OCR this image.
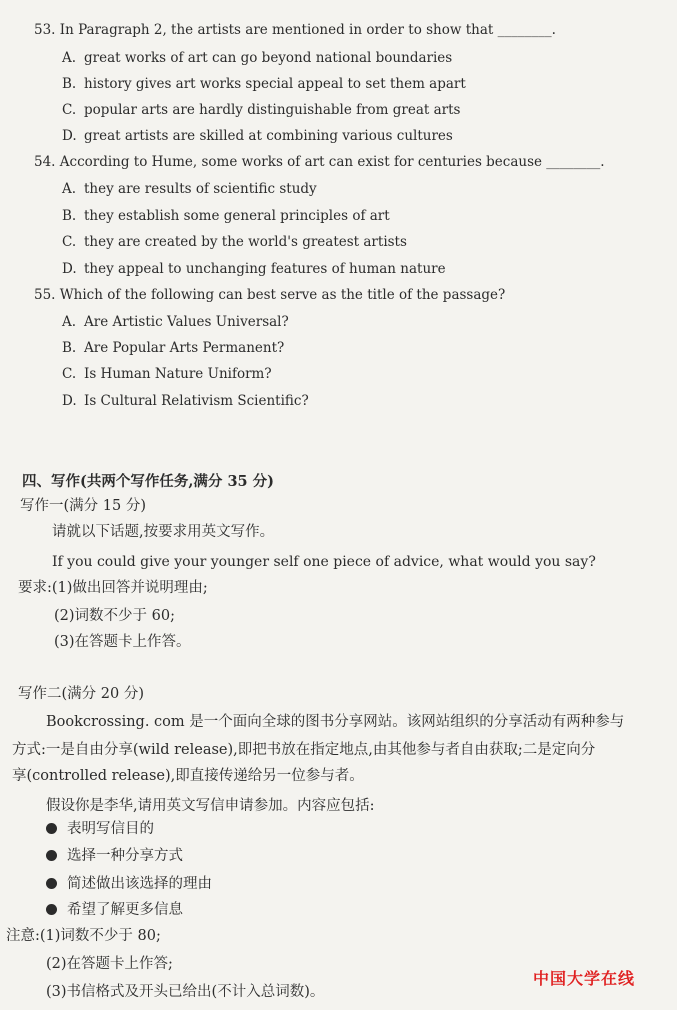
53. In Paragraph 2, the artists are mentioned in order to show that ________.
A. great works of art can go beyond national boundaries
B. history gives art works special appeal to set them apart
C. popular arts are hardly distinguishable from great arts
D. great artists are skilled at combining various cultures
54. According to Hume, some works of art can exist for centuries because ________.
A. they are results of scientific study
B. they establish some general principles of art
C. they are created by the world's greatest artists
D. they appeal to unchanging features of human nature
55. Which of the following can best serve as the title of the passage?
A. Are Artistic Values Universal?
B. Are Popular Arts Permanent?
C. Is Human Nature Uniform?
D. Is Cultural Relativism Scientific?
四、写作(共两个写作任务,满分 35 分)
写作一(满分 15 分)
请就以下话题,按要求用英文写作。
If you could give your younger self one piece of advice, what would you say?
要求:(1)做出回答并说明理由;
(2)词数不少于 60;
(3)在答题卡上作答。
写作二(满分 20 分)
Bookcrossing. com 是一个面向全球的图书分享网站。该网站组织的分享活动有两种参与
方式:一是自由分享(wild release),即把书放在指定地点,由其他参与者自由获取;二是定向分
享(controlled release),即直接传递给另一位参与者。
假设你是李华,请用英文写信申请参加。内容应包括:
表明写信目的
选择一种分享方式
简述做出该选择的理由
希望了解更多信息
注意:(1)词数不少于 80;
(2)在答题卡上作答;
(3)书信格式及开头已给出(不计入总词数)。
中国大学在线
